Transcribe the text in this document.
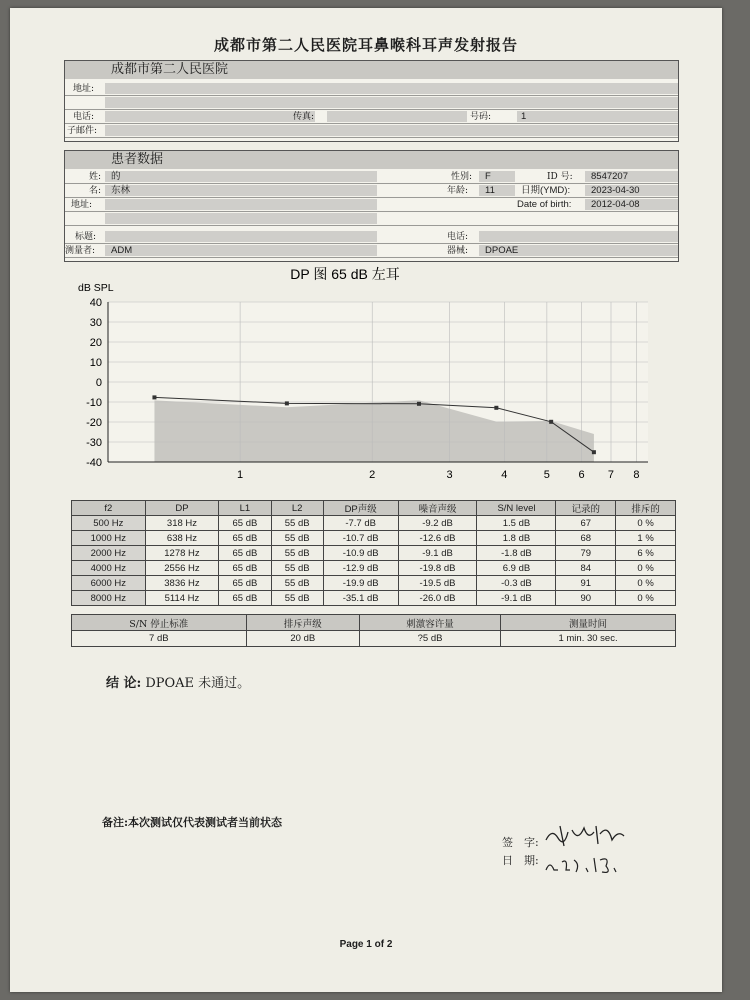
成都市第二人民医院耳鼻喉科耳声发射报告
成都市第二人民医院
地址:
电话:	传真:	号码:	1
子邮件:
患者数据
姓: 的	性别: F	ID 号: 8547207
名: 东林	年龄: 11	日期(YMD): 2023-04-30
地址:	Date of birth: 2012-04-08
标题:	电话:
测量者: ADM	器械: DPOAE
DP 图 65 dB 左耳
dB SPL
1	2	3	4	5	6 7 8
40
30
20
10
0
-10
-20
-30
-40
f2	DP	L1	L2	DP声级	噪音声级	S/N level	记录的	排斥的
500 Hz	318 Hz	65 dB	55 dB	-7.7 dB	-9.2 dB	1.5 dB	67	0 %
1000 Hz	638 Hz	65 dB	55 dB	-10.7 dB	-12.6 dB	1.8 dB	68	1 %
2000 Hz	1278 Hz	65 dB	55 dB	-10.9 dB	-9.1 dB	-1.8 dB	79	6 %
4000 Hz	2556 Hz	65 dB	55 dB	-12.9 dB	-19.8 dB	6.9 dB	84	0 %
6000 Hz	3836 Hz	65 dB	55 dB	-19.9 dB	-19.5 dB	-0.3 dB	91	0 %
8000 Hz	5114 Hz	65 dB	55 dB	-35.1 dB	-26.0 dB	-9.1 dB	90	0 %
S/N 停止标准	排斥声级	刺激容许量	测量时间
7 dB	20 dB	?5 dB	1 min. 30 sec.
结 论: DPOAE 未通过。
备注:本次测试仅代表测试者当前状态
签　字:
日　期:
Page 1 of 2
